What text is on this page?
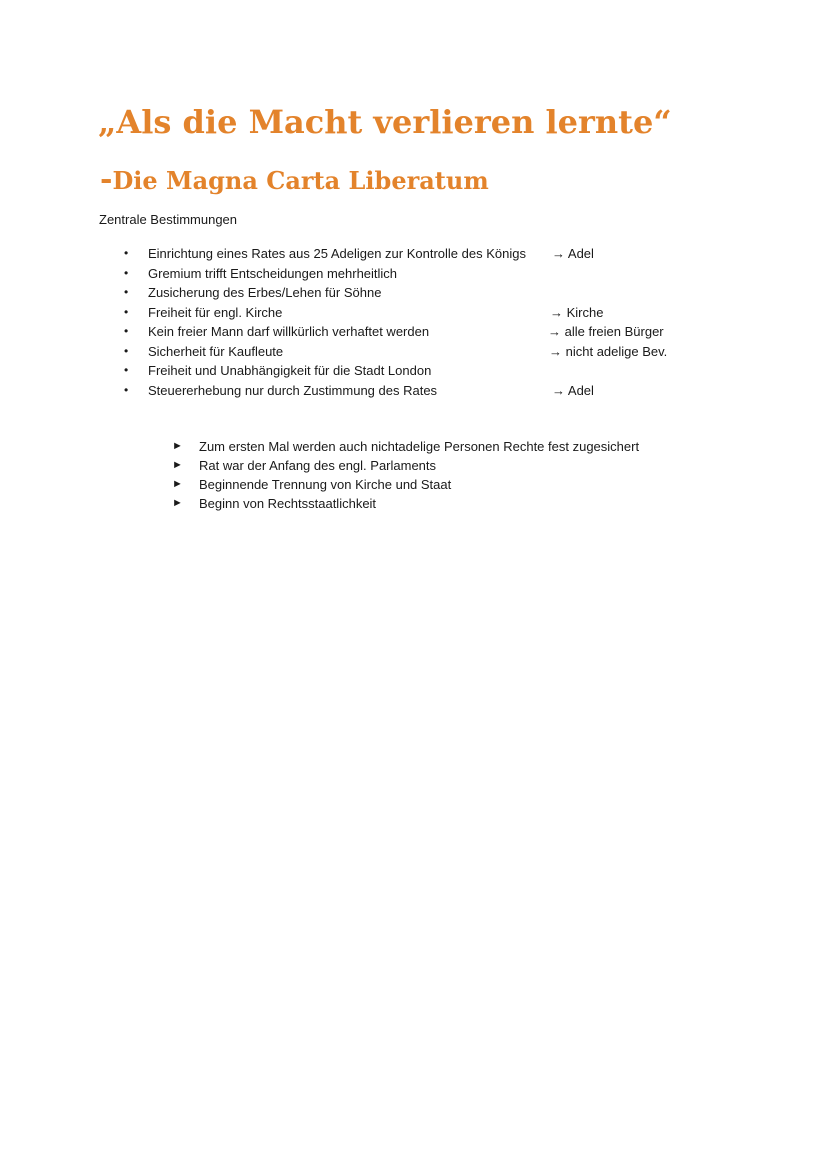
„Als die Macht verlieren lernte“
-Die Magna Carta Liberatum
Zentrale Bestimmungen
• Einrichtung eines Rates aus 25 Adeligen zur Kontrolle des Königs → Adel
• Gremium trifft Entscheidungen mehrheitlich
• Zusicherung des Erbes/Lehen für Söhne
• Freiheit für engl. Kirche	→ Kirche
• Kein freier Mann darf willkürlich verhaftet werden	→ alle freien Bürger
• Sicherheit für Kaufleute	→ nicht adelige Bev.
• Freiheit und Unabhängigkeit für die Stadt London
• Steuererhebung nur durch Zustimmung des Rates	→ Adel
► Zum ersten Mal werden auch nichtadelige Personen Rechte fest zugesichert
► Rat war der Anfang des engl. Parlaments
► Beginnende Trennung von Kirche und Staat
► Beginn von Rechtsstaatlichkeit
